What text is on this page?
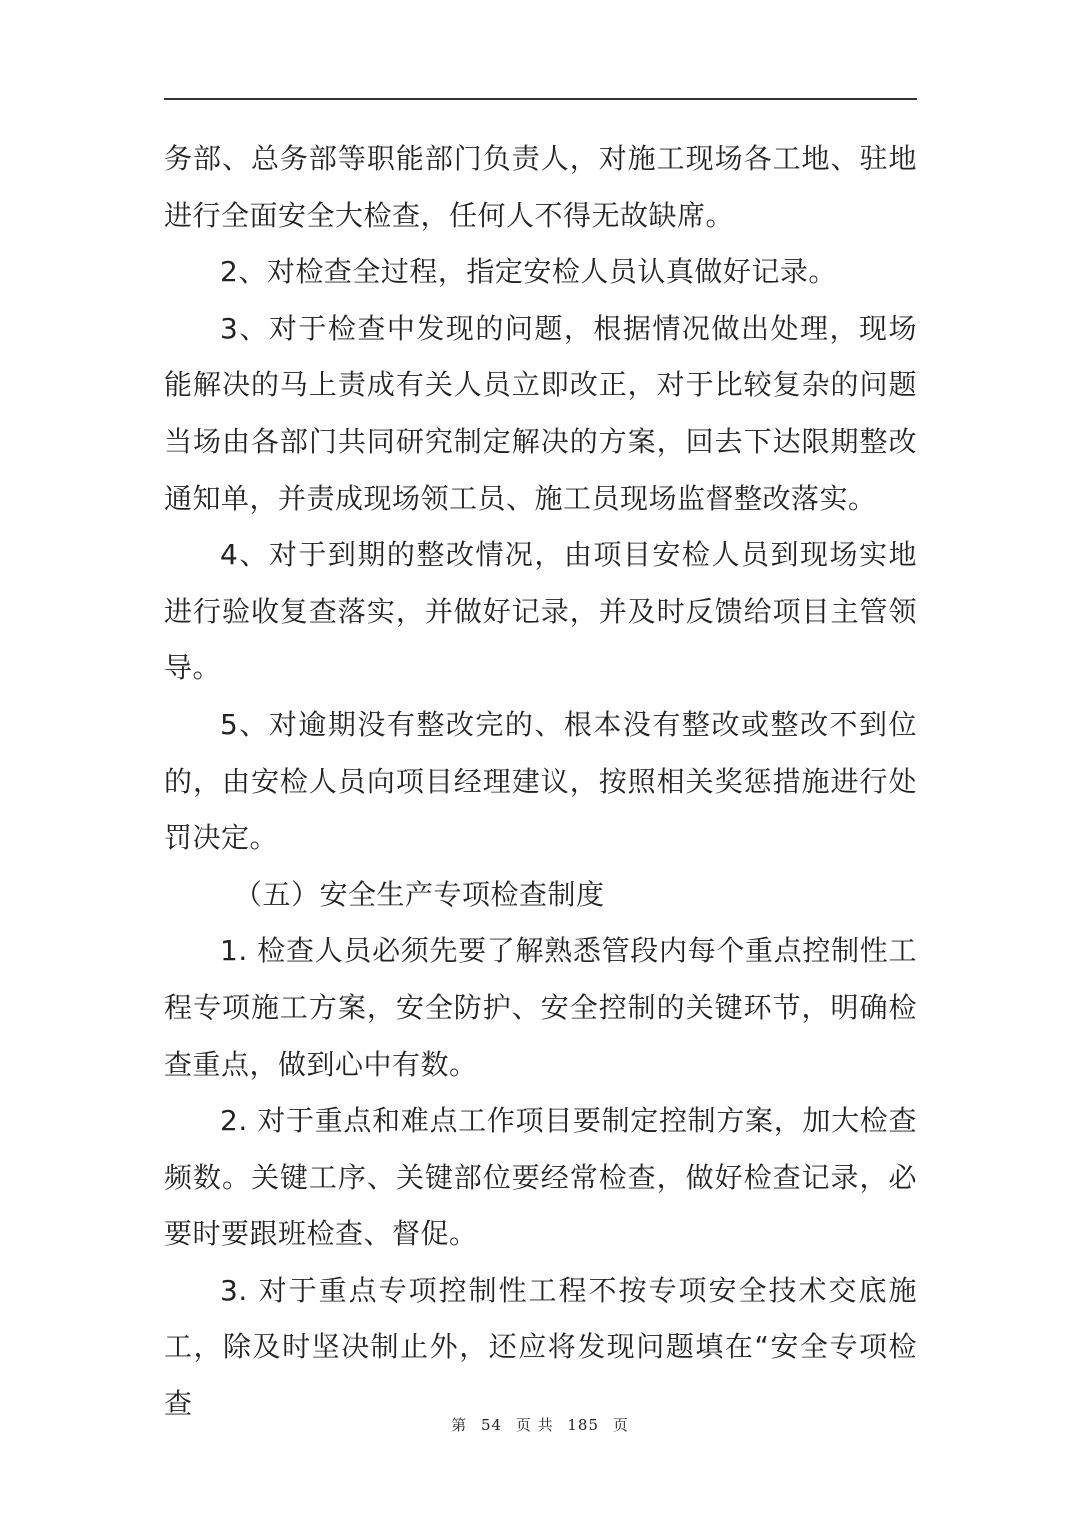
务部、总务部等职能部门负责人，对施工现场各工地、驻地进行全面安全大检查，任何人不得无故缺席。

2、对检查全过程，指定安检人员认真做好记录。

3、对于检查中发现的问题，根据情况做出处理，现场能解决的马上责成有关人员立即改正，对于比较复杂的问题当场由各部门共同研究制定解决的方案，回去下达限期整改通知单，并责成现场领工员、施工员现场监督整改落实。

4、对于到期的整改情况，由项目安检人员到现场实地进行验收复查落实，并做好记录，并及时反馈给项目主管领导。

5、对逾期没有整改完的、根本没有整改或整改不到位的，由安检人员向项目经理建议，按照相关奖惩措施进行处罚决定。

（五）安全生产专项检查制度

1. 检查人员必须先要了解熟悉管段内每个重点控制性工程专项施工方案，安全防护、安全控制的关键环节，明确检查重点，做到心中有数。

2. 对于重点和难点工作项目要制定控制方案，加大检查频数。关键工序、关键部位要经常检查，做好检查记录，必要时要跟班检查、督促。

3. 对于重点专项控制性工程不按专项安全技术交底施工，除及时坚决制止外，还应将发现问题填在“安全专项检查

第 54 页 共 185 页
